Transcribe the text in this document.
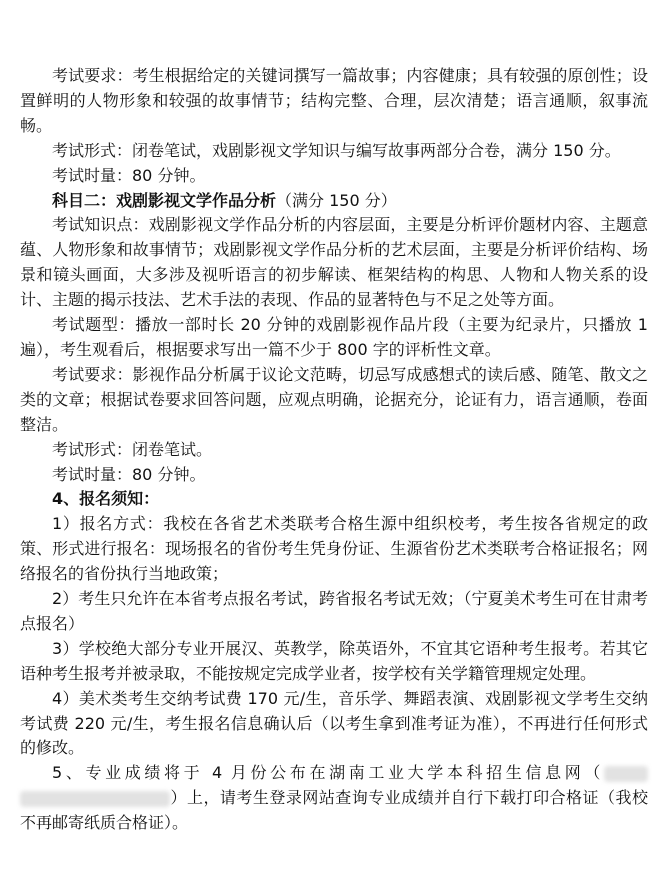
考试要求：考生根据给定的关键词撰写一篇故事；内容健康；具有较强的原创性；设置鲜明的人物形象和较强的故事情节；结构完整、合理，层次清楚；语言通顺，叙事流畅。

考试形式：闭卷笔试，戏剧影视文学知识与编写故事两部分合卷，满分 150 分。

考试时量：80 分钟。

科目二：戏剧影视文学作品分析（满分 150 分）

考试知识点：戏剧影视文学作品分析的内容层面，主要是分析评价题材内容、主题意蕴、人物形象和故事情节；戏剧影视文学作品分析的艺术层面，主要是分析评价结构、场景和镜头画面，大多涉及视听语言的初步解读、框架结构的构思、人物和人物关系的设计、主题的揭示技法、艺术手法的表现、作品的显著特色与不足之处等方面。

考试题型：播放一部时长 20 分钟的戏剧影视作品片段（主要为纪录片，只播放 1 遍），考生观看后，根据要求写出一篇不少于 800 字的评析性文章。

考试要求：影视作品分析属于议论文范畴，切忌写成感想式的读后感、随笔、散文之类的文章；根据试卷要求回答问题，应观点明确，论据充分，论证有力，语言通顺，卷面整洁。

考试形式：闭卷笔试。

考试时量：80 分钟。

4、报名须知：

1）报名方式：我校在各省艺术类联考合格生源中组织校考，考生按各省规定的政策、形式进行报名：现场报名的省份考生凭身份证、生源省份艺术类联考合格证报名；网络报名的省份执行当地政策；

2）考生只允许在本省考点报名考试，跨省报名考试无效；（宁夏美术考生可在甘肃考点报名）

3）学校绝大部分专业开展汉、英教学，除英语外，不宜其它语种考生报考。若其它语种考生报考并被录取，不能按规定完成学业者，按学校有关学籍管理规定处理。

4）美术类考生交纳考试费 170 元/生，音乐学、舞蹈表演、戏剧影视文学考生交纳考试费 220 元/生，考生报名信息确认后（以考生拿到准考证为准），不再进行任何形式的修改。

5、专业成绩将于 4 月份公布在湖南工业大学本科招生信息网（）上，请考生登录网站查询专业成绩并自行下载打印合格证（我校不再邮寄纸质合格证）。
